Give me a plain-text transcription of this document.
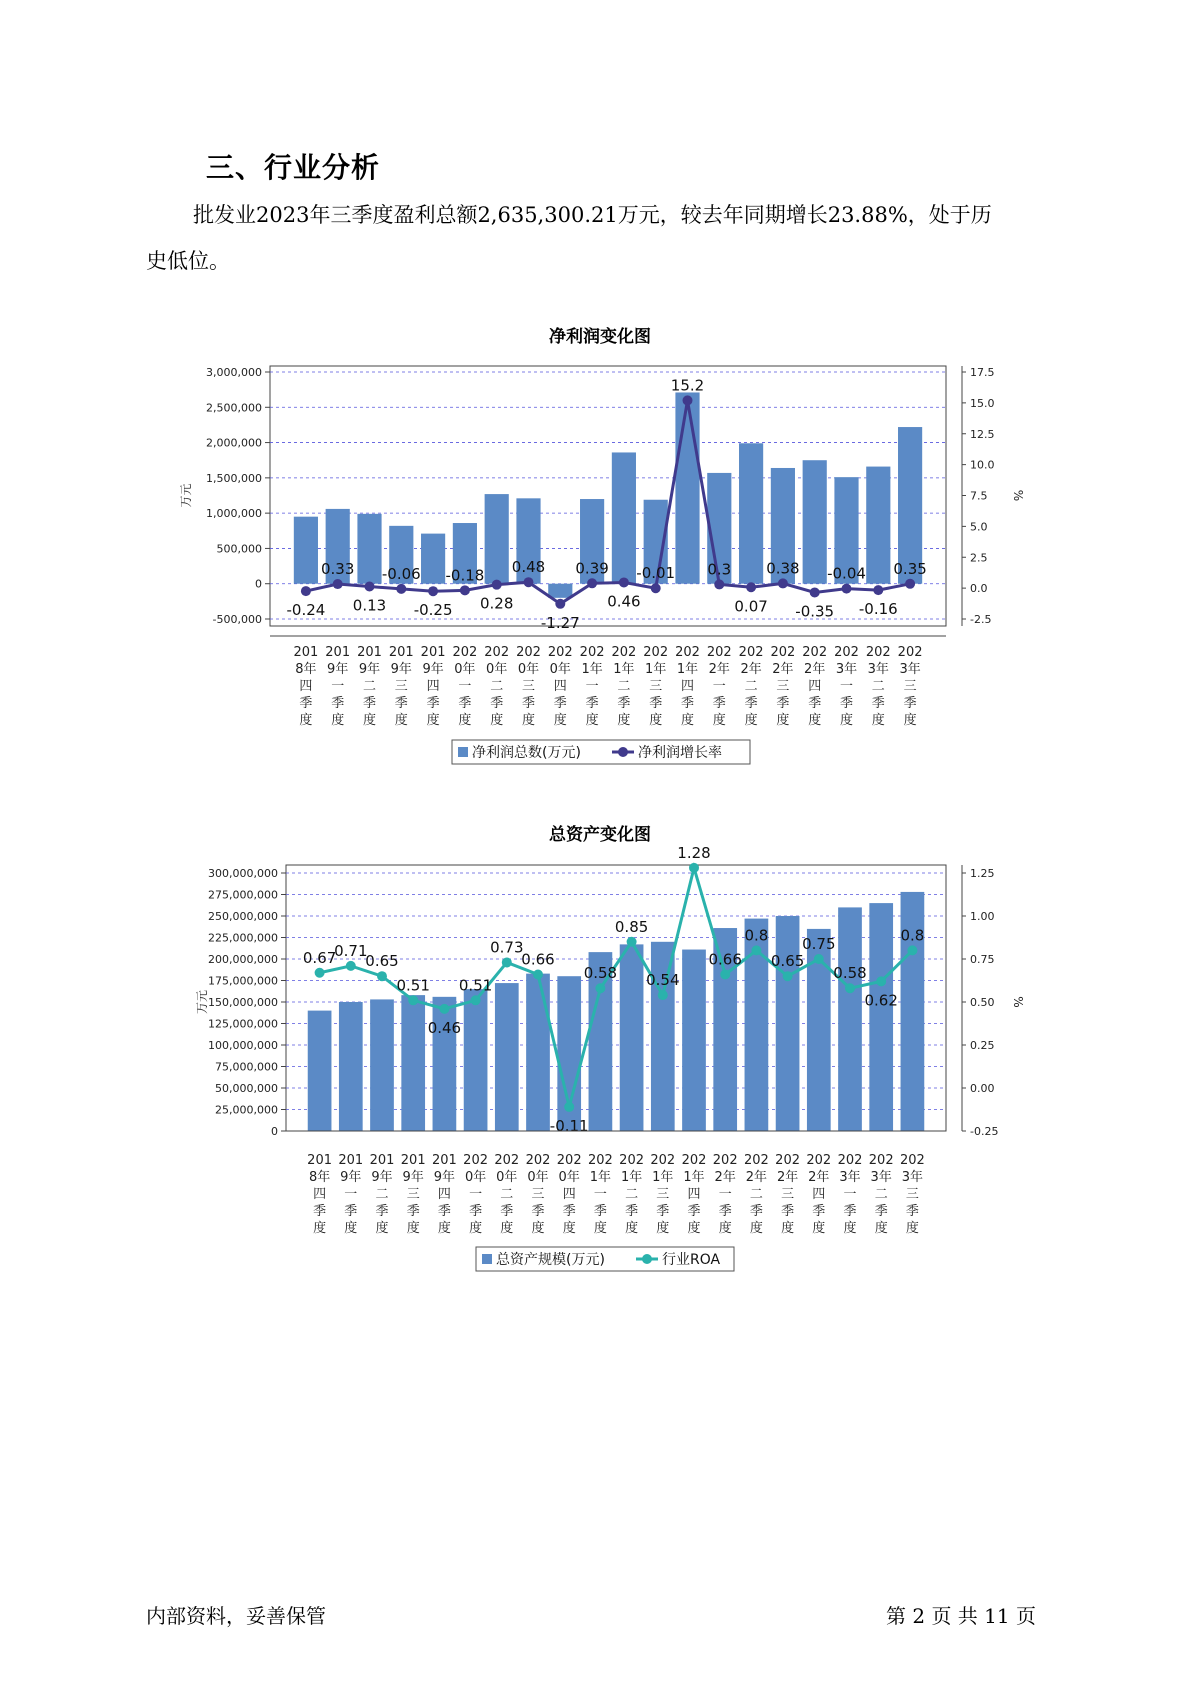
三、行业分析
批发业2023年三季度盈利总额2,635,300.21万元，较去年同期增长23.88%，处于历
史低位。
净利润变化图
3,000,000
2,500,000
2,000,000
1,500,000
1,000,000
500,000
0
-500,000
17.5
15.0
12.5
10.0
7.5
5.0
2.5
0.0
-2.5
万元	%
-0.24
0.33
0.13
-0.06
-0.25
-0.18
0.28
0.48
-1.27
0.39
0.46
-0.01
15.2
0.3
0.07
0.38
-0.35
-0.04
-0.16
0.35
201 8年四季度
201 9年一季度
201 9年二季度
201 9年三季度
201 9年四季度
202 0年一季度
202 0年二季度
202 0年三季度
202 0年四季度
202 1年一季度
202 1年二季度
202 1年三季度
202 1年四季度
202 2年一季度
202 2年二季度
202 2年三季度
202 2年四季度
202 3年一季度
202 3年二季度
202 3年三季度
净利润总数(万元)	净利润增长率
总资产变化图
300,000,000
275,000,000
250,000,000
225,000,000
200,000,000
175,000,000
150,000,000
125,000,000
100,000,000
75,000,000
50,000,000
25,000,000
0
1.25
1.00
0.75
0.50
0.25
0.00
-0.25
万元	%
0.67
0.71
0.65
0.51
0.46
0.51
0.73
0.66
-0.11
0.58
0.85
0.54
1.28
0.66
0.8
0.65
0.75
0.58
0.62
0.8
201 8年四季度
201 9年一季度
201 9年二季度
201 9年三季度
201 9年四季度
202 0年一季度
202 0年二季度
202 0年三季度
202 0年四季度
202 1年一季度
202 1年二季度
202 1年三季度
202 1年四季度
202 2年一季度
202 2年二季度
202 2年三季度
202 2年四季度
202 3年一季度
202 3年二季度
202 3年三季度
总资产规模(万元)	行业ROA
内部资料，妥善保管	第 2 页 共 11 页
